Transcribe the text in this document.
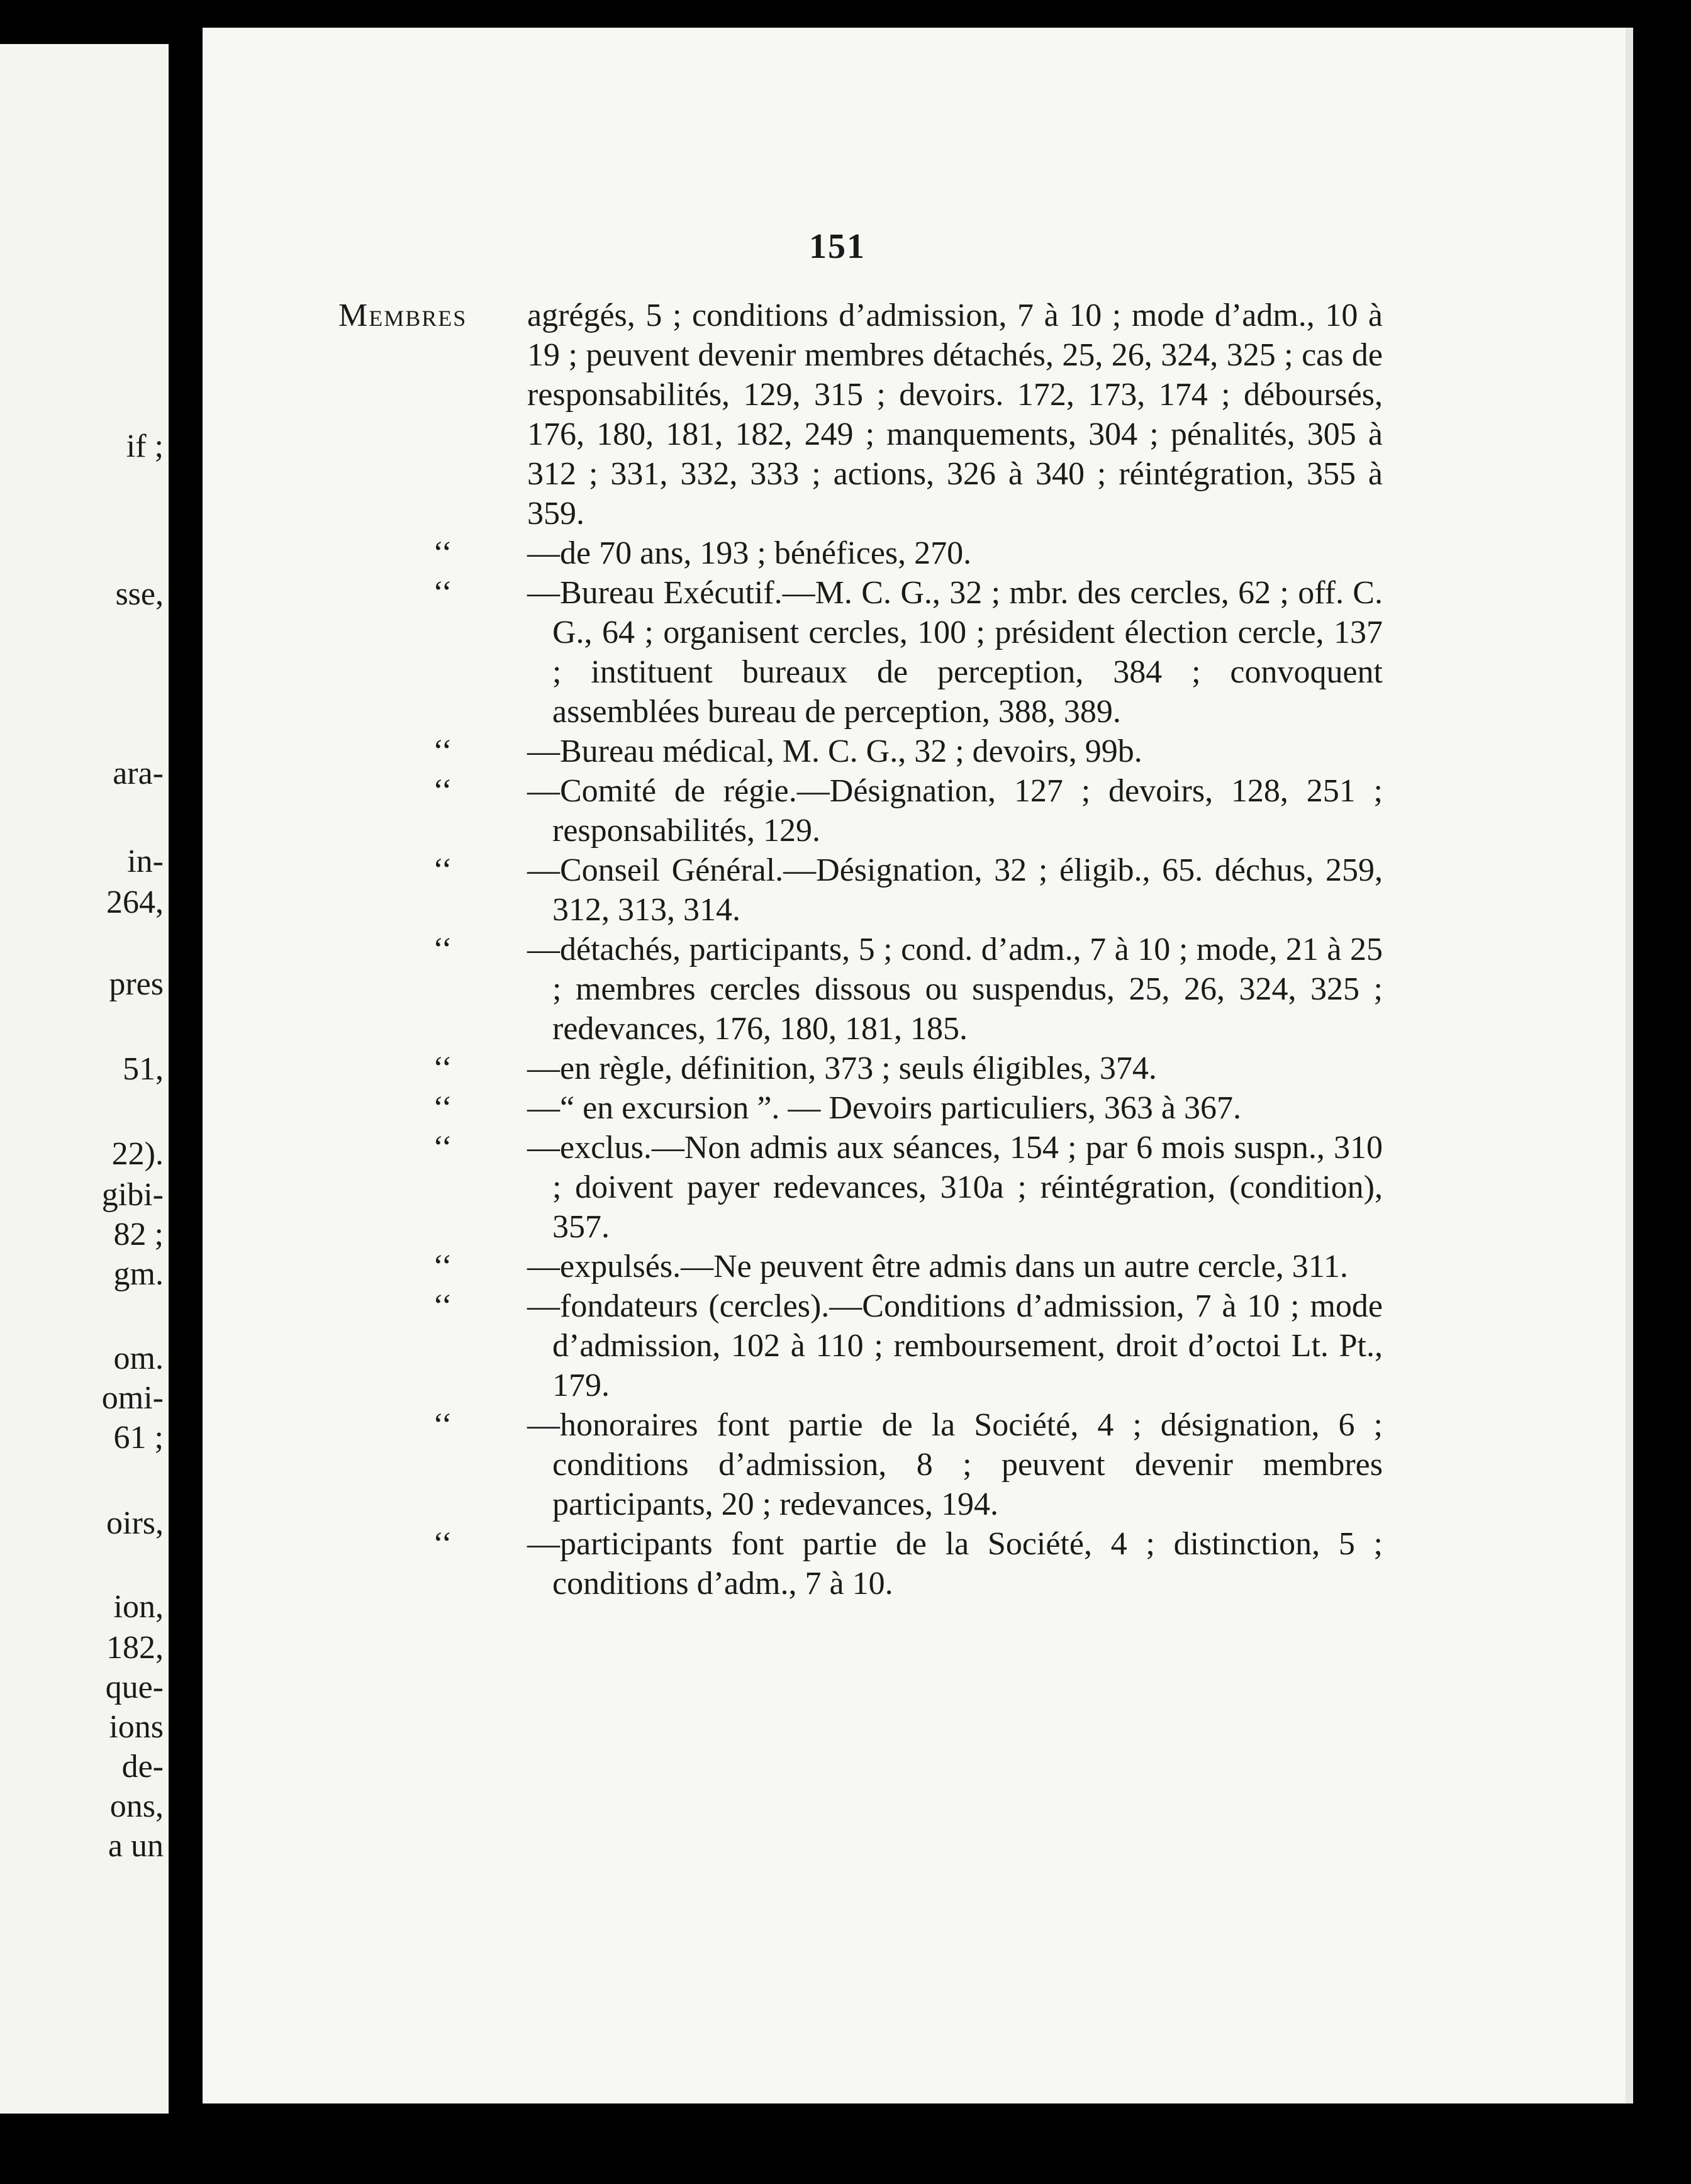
if ;
sse,
ara-
in-
264,
pres
51,
22).
gibi-
82 ;
gm.
om.
omi-
61 ;
oirs,
ion,
182,
que-
ions
de-
ons,
a un
151
Membres agrégés, 5 ; conditions d’admission, 7 à 10 ; mode d’adm., 10 à 19 ; peuvent devenir membres détachés, 25, 26, 324, 325 ; cas de responsabilités, 129, 315 ; devoirs. 172, 173, 174 ; déboursés, 176, 180, 181, 182, 249 ; manquements, 304 ; pénalités, 305 à 312 ; 331, 332, 333 ; actions, 326 à 340 ; réintégration, 355 à 359.
‘‘ —de 70 ans, 193 ; bénéfices, 270.
‘‘ —Bureau Exécutif.—M. C. G., 32 ; mbr. des cercles, 62 ; off. C. G., 64 ; organisent cercles, 100 ; président élection cercle, 137 ; instituent bureaux de perception, 384 ; convoquent assemblées bureau de perception, 388, 389.
‘‘ —Bureau médical, M. C. G., 32 ; devoirs, 99b.
‘‘ —Comité de régie.—Désignation, 127 ; devoirs, 128, 251 ; responsabilités, 129.
‘‘ —Conseil Général.—Désignation, 32 ; éligib., 65. déchus, 259, 312, 313, 314.
‘‘ —détachés, participants, 5 ; cond. d’adm., 7 à 10 ; mode, 21 à 25 ; membres cercles dissous ou suspendus, 25, 26, 324, 325 ; redevances, 176, 180, 181, 185.
‘‘ —en règle, définition, 373 ; seuls éligibles, 374.
‘‘ —“ en excursion ”. — Devoirs particuliers, 363 à 367.
‘‘ —exclus.—Non admis aux séances, 154 ; par 6 mois suspn., 310 ; doivent payer redevances, 310a ; réintégration, (condition), 357.
‘‘ —expulsés.—Ne peuvent être admis dans un autre cercle, 311.
‘‘ —fondateurs (cercles).—Conditions d’admission, 7 à 10 ; mode d’admission, 102 à 110 ; remboursement, droit d’octoi Lt. Pt., 179.
‘‘ —honoraires font partie de la Société, 4 ; désignation, 6 ; conditions d’admission, 8 ; peuvent devenir membres participants, 20 ; redevances, 194.
‘‘ —participants font partie de la Société, 4 ; distinction, 5 ; conditions d’adm., 7 à 10.
